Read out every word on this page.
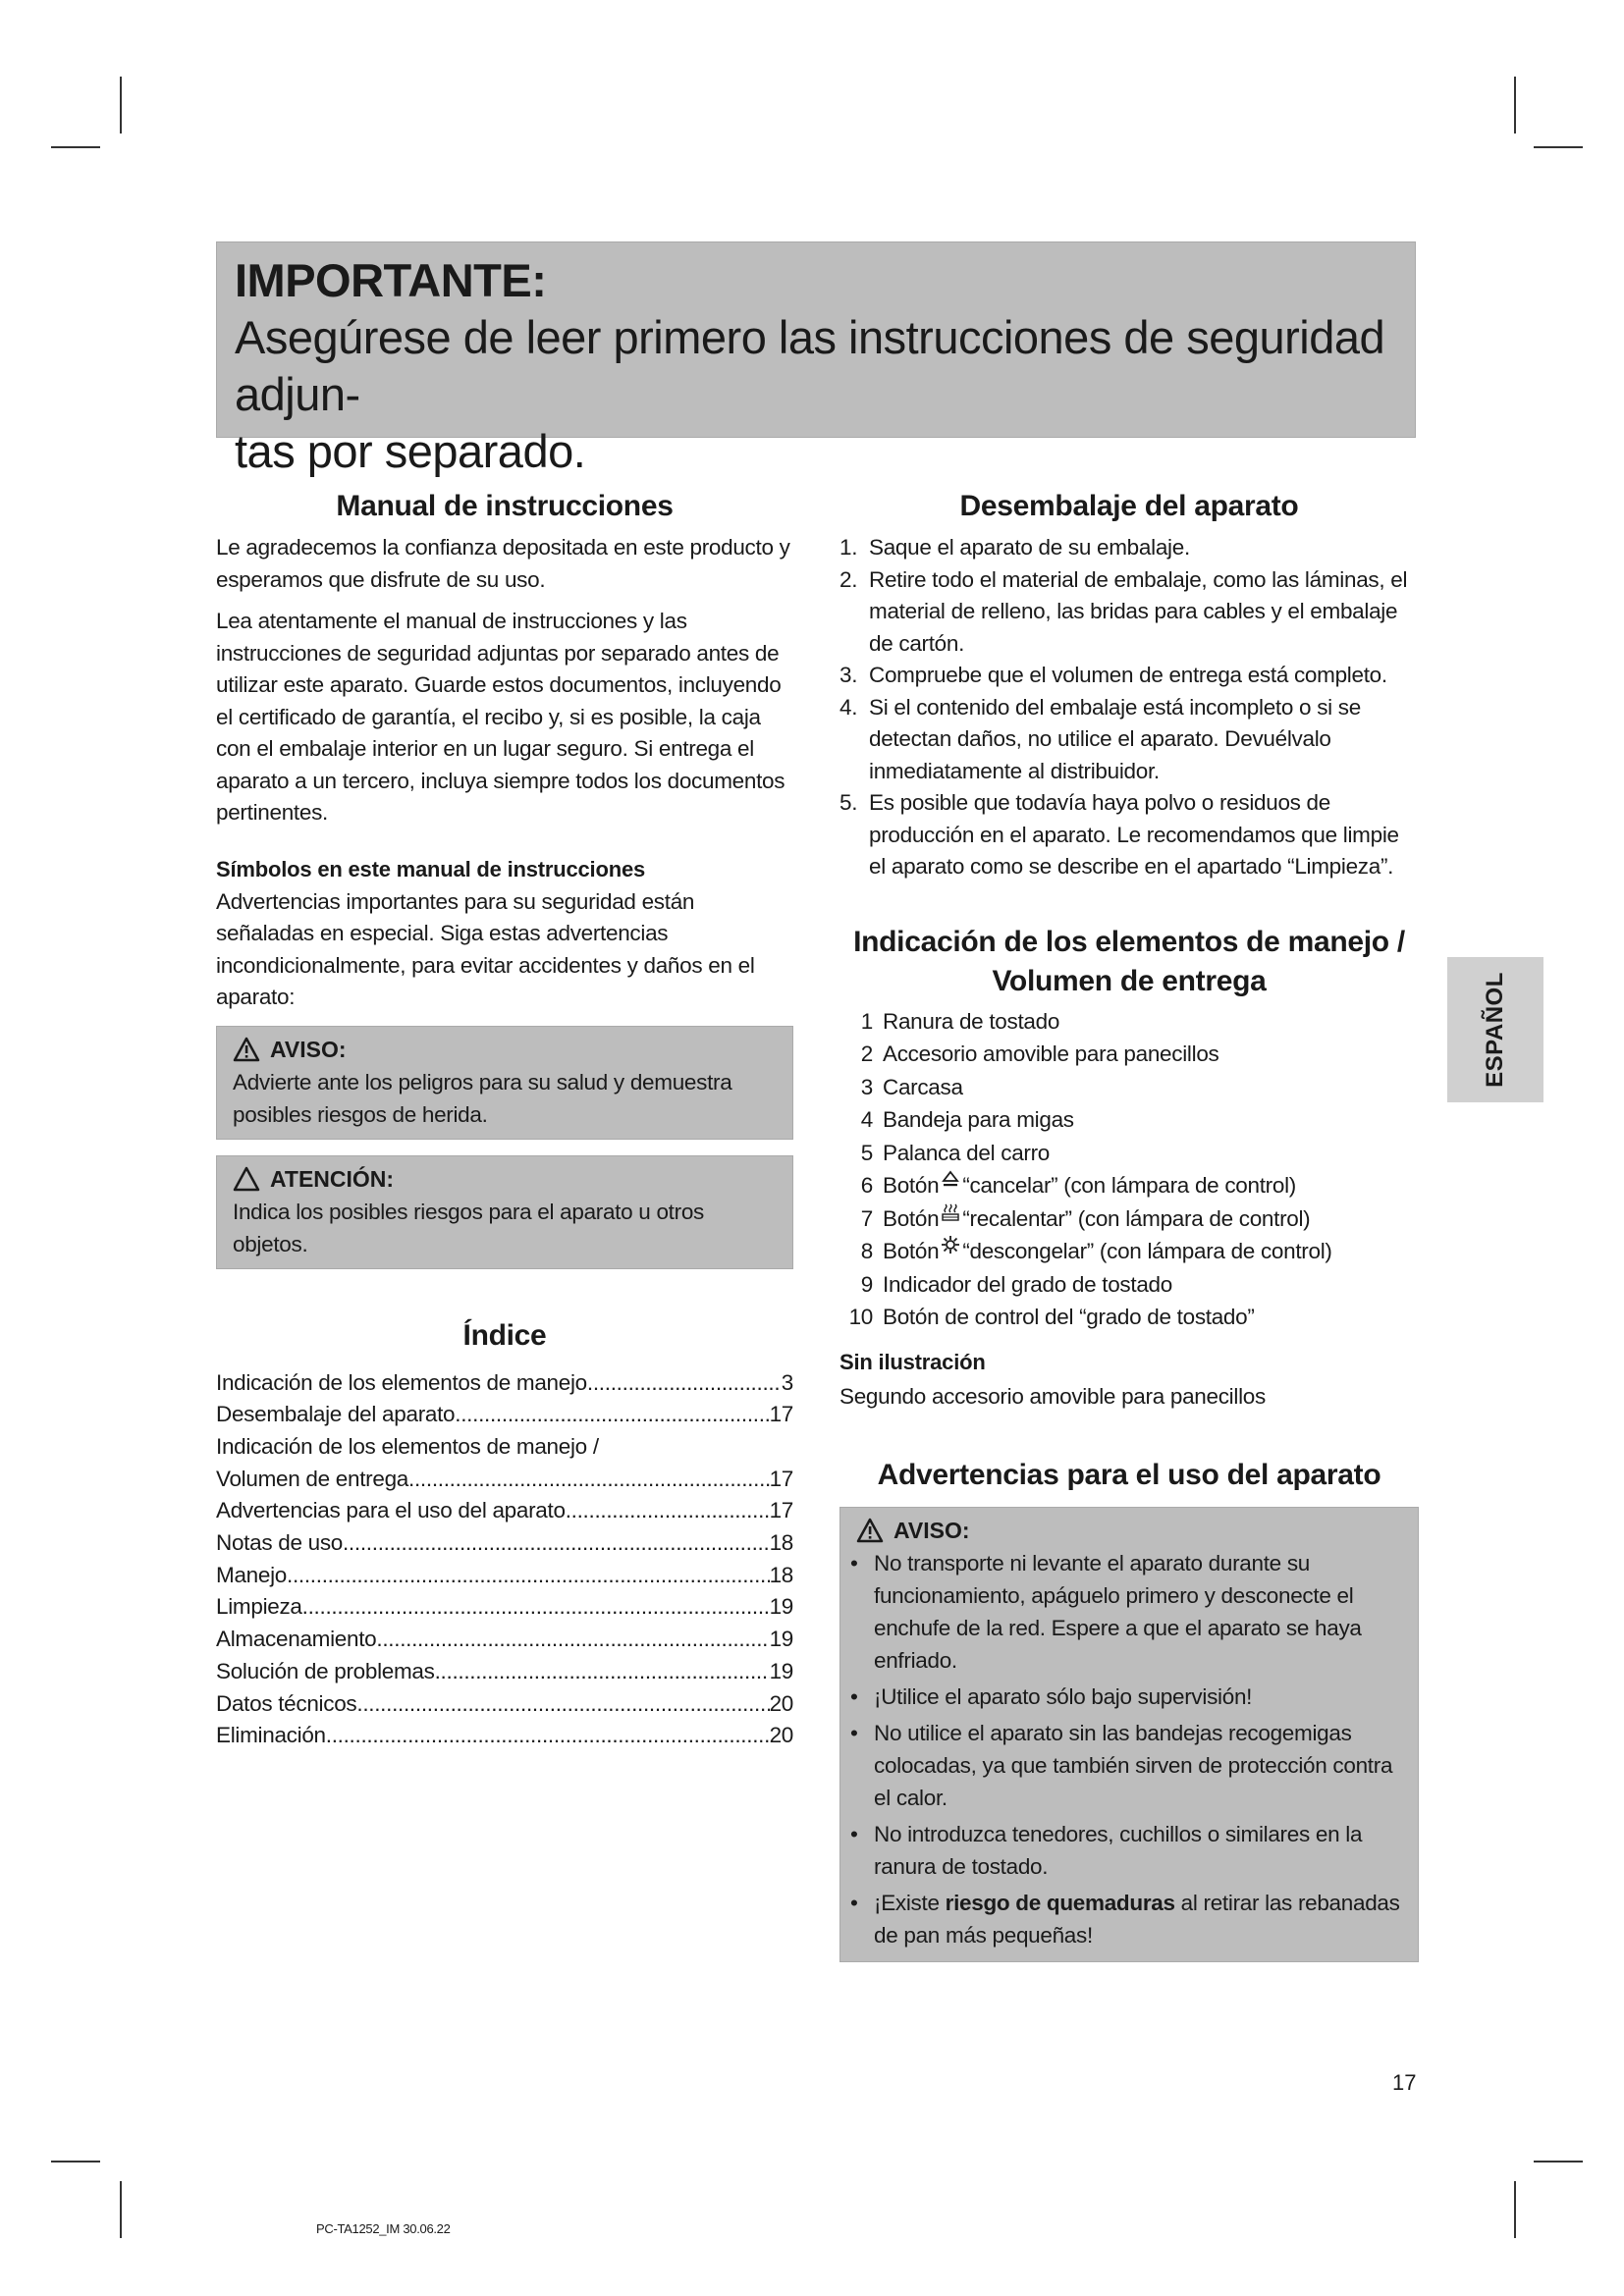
IMPORTANTE:
Asegúrese de leer primero las instrucciones de seguridad adjun-
tas por separado.
Manual de instrucciones

Le agradecemos la confianza depositada en este producto y esperamos que disfrute de su uso.

Lea atentamente el manual de instrucciones y las instrucciones de seguridad adjuntas por separado antes de utilizar este aparato. Guarde estos documentos, incluyendo el certificado de garantía, el recibo y, si es posible, la caja con el embalaje interior en un lugar seguro. Si entrega el aparato a un tercero, incluya siempre todos los documentos pertinentes.

Símbolos en este manual de instrucciones

Advertencias importantes para su seguridad están señaladas en especial. Siga estas advertencias incondicionalmente, para evitar accidentes y daños en el aparato:

AVISO:

Advierte ante los peligros para su salud y demuestra posibles riesgos de herida.

ATENCIÓN:

Indica los posibles riesgos para el aparato u otros objetos.

Índice
Indicación de los elementos de manejo .....	3
Desembalaje del aparato .....	17
Indicación de los elementos de manejo /
Volumen de entrega .....	17
Advertencias para el uso del aparato .....	17
Notas de uso .....	18
Manejo .....	18
Limpieza .....	19
Almacenamiento .....	19
Solución de problemas .....	19
Datos técnicos .....	20
Eliminación .....	20
Desembalaje del aparato
1. Saque el aparato de su embalaje.
2. Retire todo el material de embalaje, como las láminas, el material de relleno, las bridas para cables y el embalaje de cartón.
3. Compruebe que el volumen de entrega está completo.
4. Si el contenido del embalaje está incompleto o si se detectan daños, no utilice el aparato. Devuélvalo inmediatamente al distribuidor.
5. Es posible que todavía haya polvo o residuos de producción en el aparato. Le recomendamos que limpie el aparato como se describe en el apartado “Limpieza”.
Indicación de los elementos de manejo /
Volumen de entrega
1 Ranura de tostado
2 Accesorio amovible para panecillos
3 Carcasa
4 Bandeja para migas
5 Palanca del carro
6 Botón “cancelar” (con lámpara de control)
7 Botón “recalentar” (con lámpara de control)
8 Botón “descongelar” (con lámpara de control)
9 Indicador del grado de tostado
10 Botón de control del “grado de tostado”
Sin ilustración

Segundo accesorio amovible para panecillos

Advertencias para el uso del aparato
AVISO:
• No transporte ni levante el aparato durante su funcionamiento, apáguelo primero y desconecte el enchufe de la red. Espere a que el aparato se haya enfriado.
• ¡Utilice el aparato sólo bajo supervisión!
• No utilice el aparato sin las bandejas recogemigas colocadas, ya que también sirven de protección contra el calor.
• No introduzca tenedores, cuchillos o similares en la ranura de tostado.
• ¡Existe riesgo de quemaduras al retirar las rebanadas de pan más pequeñas!
ESPAÑOL
17
PC-TA1252_IM 30.06.22
